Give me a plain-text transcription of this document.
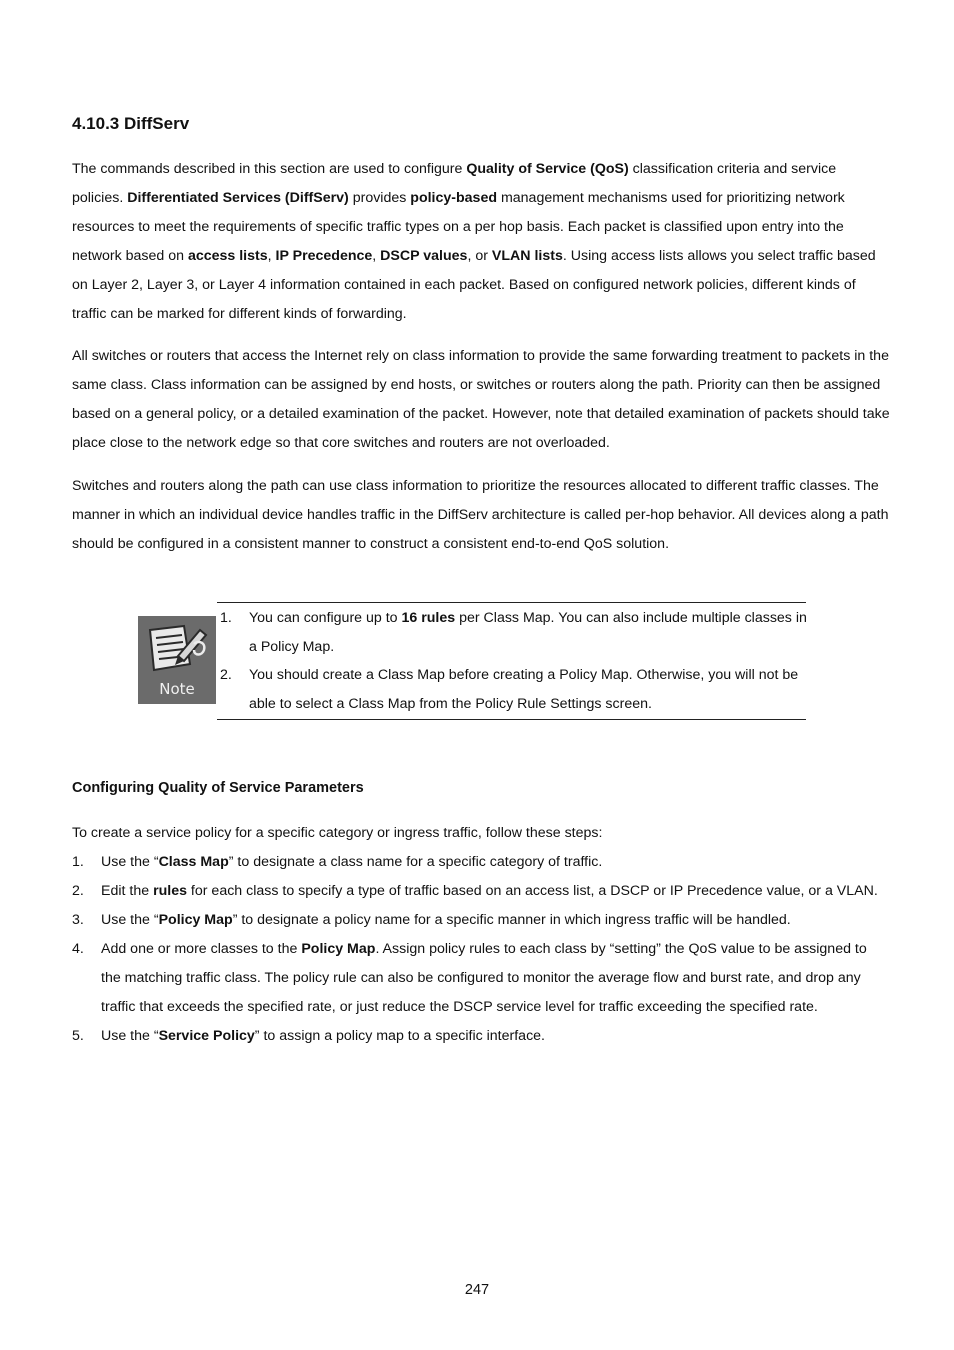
4.10.3 DiffServ

The commands described in this section are used to configure Quality of Service (QoS) classification criteria and service policies. Differentiated Services (DiffServ) provides policy-based management mechanisms used for prioritizing network resources to meet the requirements of specific traffic types on a per hop basis. Each packet is classified upon entry into the network based on access lists, IP Precedence, DSCP values, or VLAN lists. Using access lists allows you select traffic based on Layer 2, Layer 3, or Layer 4 information contained in each packet. Based on configured network policies, different kinds of traffic can be marked for different kinds of forwarding.

All switches or routers that access the Internet rely on class information to provide the same forwarding treatment to packets in the same class. Class information can be assigned by end hosts, or switches or routers along the path. Priority can then be assigned based on a general policy, or a detailed examination of the packet. However, note that detailed examination of packets should take place close to the network edge so that core switches and routers are not overloaded.

Switches and routers along the path can use class information to prioritize the resources allocated to different traffic classes. The manner in which an individual device handles traffic in the DiffServ architecture is called per-hop behavior. All devices along a path should be configured in a consistent manner to construct a consistent end-to-end QoS solution.

Note
1. You can configure up to 16 rules per Class Map. You can also include multiple classes in a Policy Map.
2. You should create a Class Map before creating a Policy Map. Otherwise, you will not be able to select a Class Map from the Policy Rule Settings screen.
Configuring Quality of Service Parameters

To create a service policy for a specific category or ingress traffic, follow these steps:

1. Use the “Class Map” to designate a class name for a specific category of traffic.
2. Edit the rules for each class to specify a type of traffic based on an access list, a DSCP or IP Precedence value, or a VLAN.
3. Use the “Policy Map” to designate a policy name for a specific manner in which ingress traffic will be handled.
4. Add one or more classes to the Policy Map. Assign policy rules to each class by “setting” the QoS value to be assigned to the matching traffic class. The policy rule can also be configured to monitor the average flow and burst rate, and drop any traffic that exceeds the specified rate, or just reduce the DSCP service level for traffic exceeding the specified rate.
5. Use the “Service Policy” to assign a policy map to a specific interface.
247
